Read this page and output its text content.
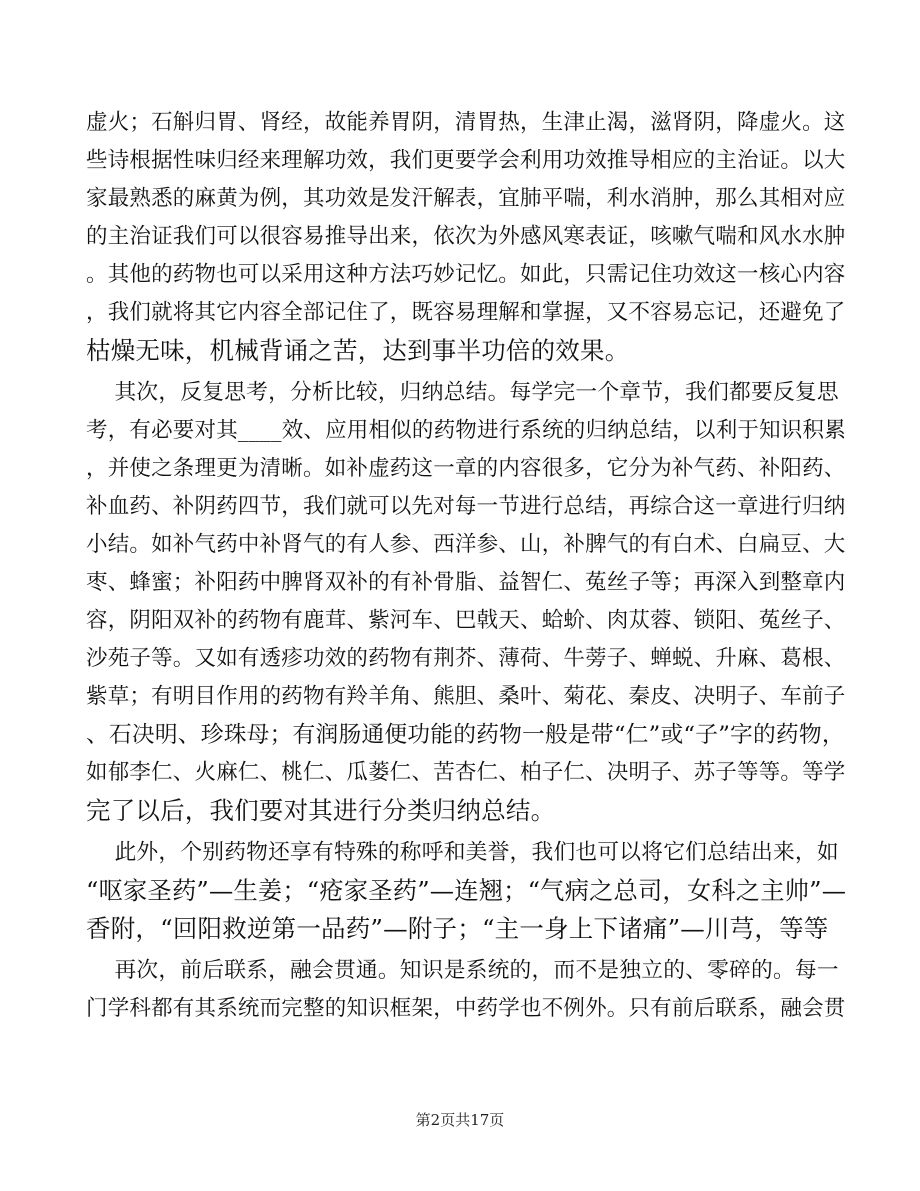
虚火；石斛归胃、肾经，故能养胃阴，清胃热，生津止渴，滋肾阴，降虚火。这
些诗根据性味归经来理解功效，我们更要学会利用功效推导相应的主治证。以大
家最熟悉的麻黄为例，其功效是发汗解表，宜肺平喘，利水消肿，那么其相对应
的主治证我们可以很容易推导出来，依次为外感风寒表证，咳嗽气喘和风水水肿
。其他的药物也可以采用这种方法巧妙记忆。如此，只需记住功效这一核心内容
，我们就将其它内容全部记住了，既容易理解和掌握，又不容易忘记，还避免了
枯燥无味，机械背诵之苦，达到事半功倍的效果。
其次，反复思考，分析比较，归纳总结。每学完一个章节，我们都要反复思
考，有必要对其____效、应用相似的药物进行系统的归纳总结，以利于知识积累
，并使之条理更为清晰。如补虚药这一章的内容很多，它分为补气药、补阳药、
补血药、补阴药四节，我们就可以先对每一节进行总结，再综合这一章进行归纳
小结。如补气药中补肾气的有人参、西洋参、山，补脾气的有白术、白扁豆、大
枣、蜂蜜；补阳药中脾肾双补的有补骨脂、益智仁、菟丝子等；再深入到整章内
容，阴阳双补的药物有鹿茸、紫河车、巴戟天、蛤蚧、肉苁蓉、锁阳、菟丝子、
沙苑子等。又如有透疹功效的药物有荆芥、薄荷、牛蒡子、蝉蜕、升麻、葛根、
紫草；有明目作用的药物有羚羊角、熊胆、桑叶、菊花、秦皮、决明子、车前子
、石决明、珍珠母；有润肠通便功能的药物一般是带“仁”或“子”字的药物，
如郁李仁、火麻仁、桃仁、瓜蒌仁、苦杏仁、柏子仁、决明子、苏子等等。等学
完了以后，我们要对其进行分类归纳总结。
此外，个别药物还享有特殊的称呼和美誉，我们也可以将它们总结出来，如
“呕家圣药”—生姜；“疮家圣药”—连翘；“气病之总司，女科之主帅”—
香附，“回阳救逆第一品药”—附子；“主一身上下诸痛”—川芎，等等
再次，前后联系，融会贯通。知识是系统的，而不是独立的、零碎的。每一
门学科都有其系统而完整的知识框架，中药学也不例外。只有前后联系，融会贯
第2页共17页
